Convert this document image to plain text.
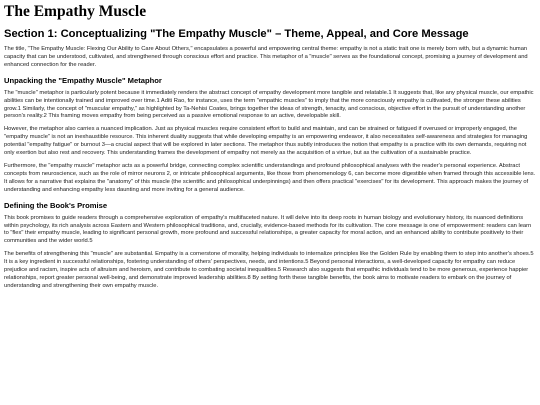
The Empathy Muscle
Section 1: Conceptualizing "The Empathy Muscle" – Theme, Appeal, and Core Message

The title, "The Empathy Muscle: Flexing Our Ability to Care About Others," encapsulates a powerful and empowering central theme: empathy is not a static trait one is merely born with, but a dynamic human capacity that can be understood, cultivated, and strengthened through conscious effort and practice. This metaphor of a "muscle" serves as the foundational concept, promising a journey of development and enhanced connection for the reader.

Unpacking the "Empathy Muscle" Metaphor

The "muscle" metaphor is particularly potent because it immediately renders the abstract concept of empathy development more tangible and relatable.1 It suggests that, like any physical muscle, our empathic abilities can be intentionally trained and improved over time.1 Aditi Rao, for instance, uses the term "empathic muscles" to imply that the more consciously empathy is cultivated, the stronger these abilities grow.1 Similarly, the concept of "muscular empathy," as highlighted by Ta-Nehisi Coates, brings together the ideas of strength, tenacity, and conscious, objective effort in the pursuit of understanding another person's reality.2 This framing moves empathy from being perceived as a passive emotional response to an active, developable skill.

However, the metaphor also carries a nuanced implication. Just as physical muscles require consistent effort to build and maintain, and can be strained or fatigued if overused or improperly engaged, the "empathy muscle" is not an inexhaustible resource. This inherent duality suggests that while developing empathy is an empowering endeavor, it also necessitates self-awareness and strategies for managing potential "empathy fatigue" or burnout 3—a crucial aspect that will be explored in later sections. The metaphor thus subtly introduces the notion that empathy is a practice with its own demands, requiring not only exertion but also rest and recovery. This understanding frames the development of empathy not merely as the acquisition of a virtue, but as the cultivation of a sustainable practice.

Furthermore, the "empathy muscle" metaphor acts as a powerful bridge, connecting complex scientific understandings and profound philosophical analyses with the reader's personal experience. Abstract concepts from neuroscience, such as the role of mirror neurons 2, or intricate philosophical arguments, like those from phenomenology 6, can become more digestible when framed through this accessible lens. It allows for a narrative that explains the "anatomy" of this muscle (the scientific and philosophical underpinnings) and then offers practical "exercises" for its development. This approach makes the journey of understanding and enhancing empathy less daunting and more inviting for a general audience.

Defining the Book's Promise

This book promises to guide readers through a comprehensive exploration of empathy's multifaceted nature. It will delve into its deep roots in human biology and evolutionary history, its nuanced definitions within psychology, its rich analysis across Eastern and Western philosophical traditions, and, crucially, evidence-based methods for its cultivation. The core message is one of empowerment: readers can learn to "flex" their empathy muscle, leading to significant personal growth, more profound and successful relationships, a greater capacity for moral action, and an enhanced ability to contribute positively to their communities and the wider world.5

The benefits of strengthening this "muscle" are substantial. Empathy is a cornerstone of morality, helping individuals to internalize principles like the Golden Rule by enabling them to step into another's shoes.5 It is a key ingredient in successful relationships, fostering understanding of others' perspectives, needs, and intentions.5 Beyond personal interactions, a well-developed capacity for empathy can reduce prejudice and racism, inspire acts of altruism and heroism, and contribute to combating societal inequalities.5 Research also suggests that empathic individuals tend to be more generous, experience happier relationships, report greater personal well-being, and demonstrate improved leadership abilities.8 By setting forth these tangible benefits, the book aims to motivate readers to embark on the journey of understanding and strengthening their own empathy muscle.
